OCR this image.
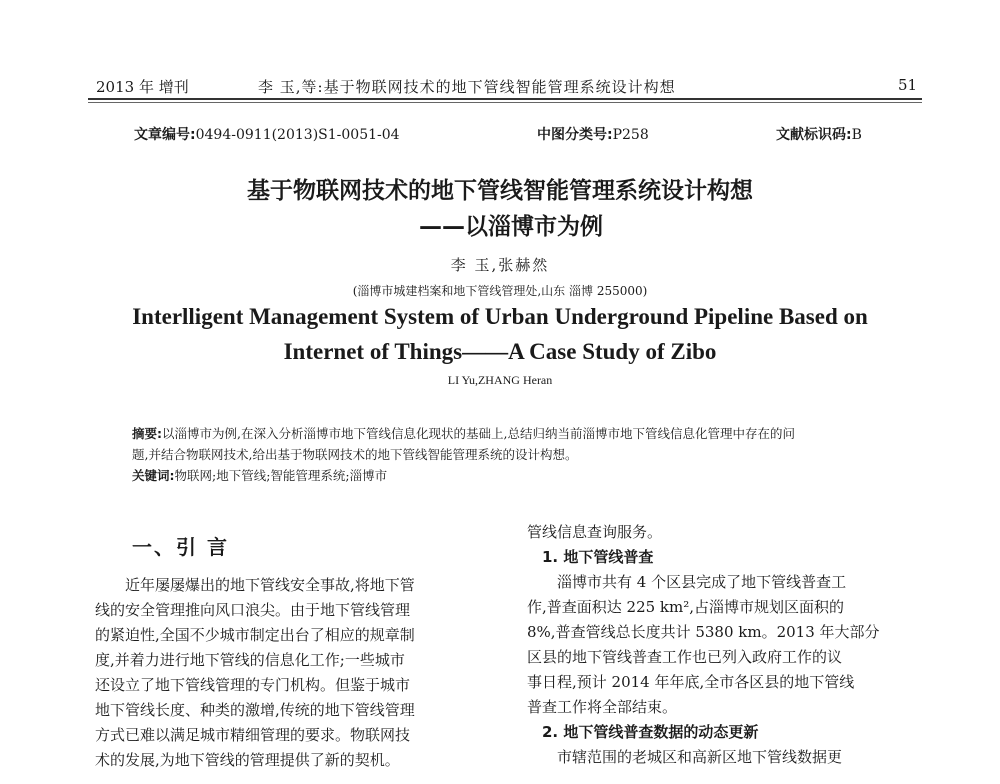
2013 年 增刊	李 玉,等:基于物联网技术的地下管线智能管理系统设计构想	51
文章编号:0494-0911(2013)S1-0051-04	中图分类号:P258	文献标识码:B
基于物联网技术的地下管线智能管理系统设计构想
——以淄博市为例
李 玉,张赫然
(淄博市城建档案和地下管线管理处,山东 淄博 255000)
Interlligent Management System of Urban Underground Pipeline Based on
Internet of Things——A Case Study of Zibo
LI Yu,ZHANG Heran
摘要:以淄博市为例,在深入分析淄博市地下管线信息化现状的基础上,总结归纳当前淄博市地下管线信息化管理中存在的问
题,并结合物联网技术,给出基于物联网技术的地下管线智能管理系统的设计构想。
关键词:物联网;地下管线;智能管理系统;淄博市
一、引 言
　　近年屡屡爆出的地下管线安全事故,将地下管
线的安全管理推向风口浪尖。由于地下管线管理
的紧迫性,全国不少城市制定出台了相应的规章制
度,并着力进行地下管线的信息化工作;一些城市
还设立了地下管线管理的专门机构。但鉴于城市
地下管线长度、种类的激增,传统的地下管线管理
方式已难以满足城市精细管理的要求。物联网技
术的发展,为地下管线的管理提供了新的契机。
管线信息查询服务。
　1. 地下管线普查
　　淄博市共有 4 个区县完成了地下管线普查工
作,普查面积达 225 km²,占淄博市规划区面积的
8%,普查管线总长度共计 5380 km。2013 年大部分
区县的地下管线普查工作也已列入政府工作的议
事日程,预计 2014 年年底,全市各区县的地下管线
普查工作将全部结束。
　2. 地下管线普查数据的动态更新
　　市辖范围的老城区和高新区地下管线数据更
